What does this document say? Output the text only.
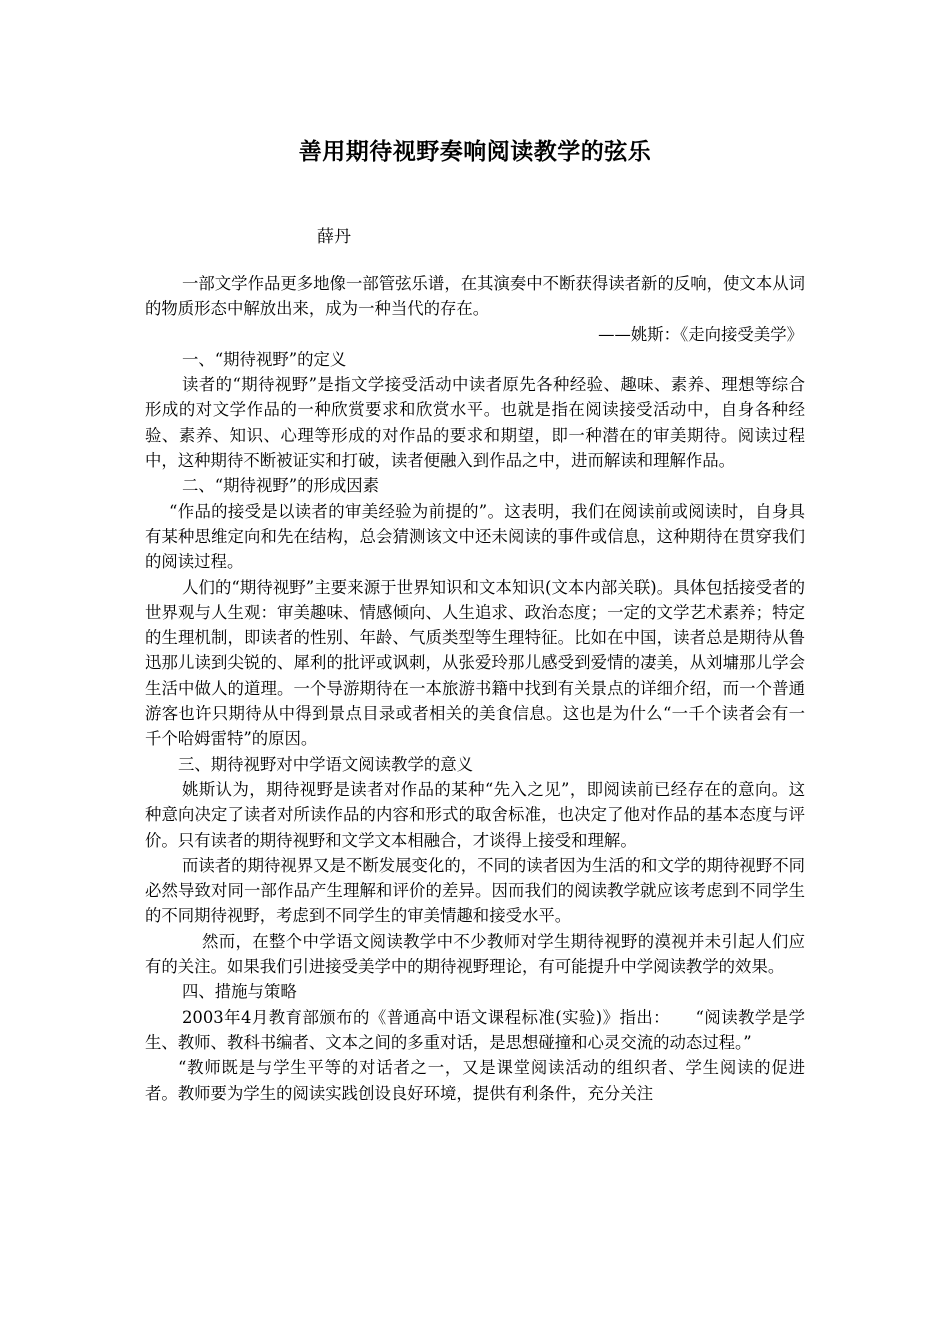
善用期待视野奏响阅读教学的弦乐
薛丹

一部文学作品更多地像一部管弦乐谱，在其演奏中不断获得读者新的反响，使文本从词的物质形态中解放出来，成为一种当代的存在。

——姚斯：《走向接受美学》

一、“期待视野”的定义

读者的“期待视野”是指文学接受活动中读者原先各种经验、趣味、素养、理想等综合形成的对文学作品的一种欣赏要求和欣赏水平。也就是指在阅读接受活动中，自身各种经验、素养、知识、心理等形成的对作品的要求和期望，即一种潜在的审美期待。阅读过程中，这种期待不断被证实和打破，读者便融入到作品之中，进而解读和理解作品。

二、“期待视野”的形成因素

“作品的接受是以读者的审美经验为前提的”。这表明，我们在阅读前或阅读时，自身具有某种思维定向和先在结构，总会猜测该文中还未阅读的事件或信息，这种期待在贯穿我们的阅读过程。

人们的“期待视野”主要来源于世界知识和文本知识(文本内部关联)。具体包括接受者的世界观与人生观：审美趣味、情感倾向、人生追求、政治态度；一定的文学艺术素养；特定的生理机制，即读者的性别、年龄、气质类型等生理特征。比如在中国，读者总是期待从鲁迅那儿读到尖锐的、犀利的批评或讽刺，从张爱玲那儿感受到爱情的凄美，从刘墉那儿学会生活中做人的道理。一个导游期待在一本旅游书籍中找到有关景点的详细介绍，而一个普通游客也许只期待从中得到景点目录或者相关的美食信息。这也是为什么“一千个读者会有一千个哈姆雷特”的原因。

三、期待视野对中学语文阅读教学的意义

姚斯认为，期待视野是读者对作品的某种“先入之见”，即阅读前已经存在的意向。这种意向决定了读者对所读作品的内容和形式的取舍标准，也决定了他对作品的基本态度与评价。只有读者的期待视野和文学文本相融合，才谈得上接受和理解。

而读者的期待视界又是不断发展变化的，不同的读者因为生活的和文学的期待视野不同必然导致对同一部作品产生理解和评价的差异。因而我们的阅读教学就应该考虑到不同学生的不同期待视野，考虑到不同学生的审美情趣和接受水平。

然而，在整个中学语文阅读教学中不少教师对学生期待视野的漠视并未引起人们应有的关注。如果我们引进接受美学中的期待视野理论，有可能提升中学阅读教学的效果。

四、措施与策略

2003年4月教育部颁布的《普通高中语文课程标准(实验)》指出：　　“阅读教学是学生、教师、教科书编者、文本之间的多重对话，是思想碰撞和心灵交流的动态过程。”

“教师既是与学生平等的对话者之一，又是课堂阅读活动的组织者、学生阅读的促进者。教师要为学生的阅读实践创设良好环境，提供有利条件，充分关注
